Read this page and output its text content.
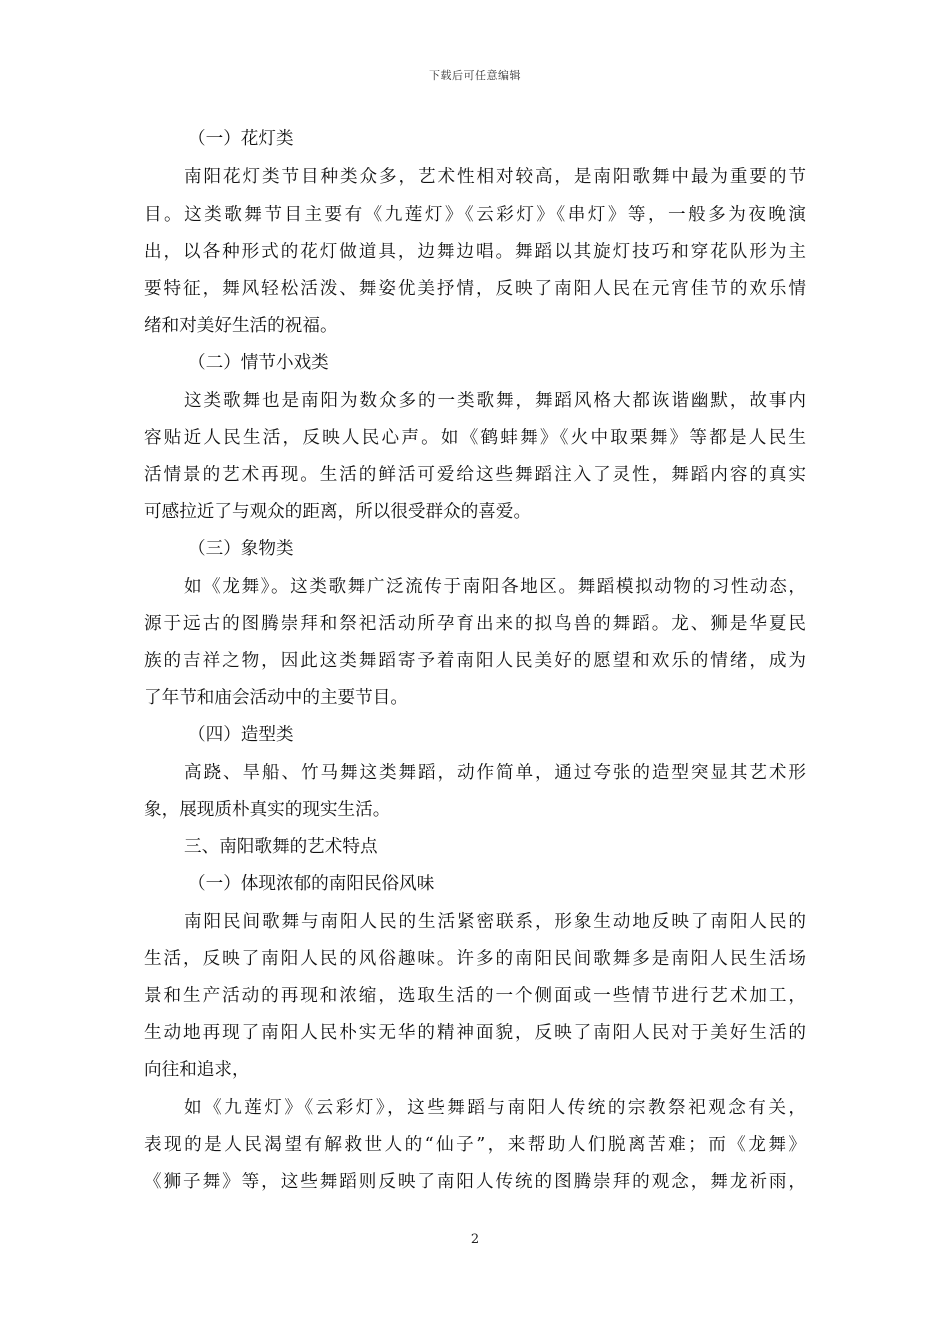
下载后可任意编辑
（一）花灯类
南阳花灯类节目种类众多，艺术性相对较高，是南阳歌舞中最为重要的节
目。这类歌舞节目主要有《九莲灯》《云彩灯》《串灯》等，一般多为夜晚演
出，以各种形式的花灯做道具，边舞边唱。舞蹈以其旋灯技巧和穿花队形为主
要特征，舞风轻松活泼、舞姿优美抒情，反映了南阳人民在元宵佳节的欢乐情
绪和对美好生活的祝福。
（二）情节小戏类
这类歌舞也是南阳为数众多的一类歌舞，舞蹈风格大都诙谐幽默，故事内
容贴近人民生活，反映人民心声。如《鹤蚌舞》《火中取栗舞》等都是人民生
活情景的艺术再现。生活的鲜活可爱给这些舞蹈注入了灵性，舞蹈内容的真实
可感拉近了与观众的距离，所以很受群众的喜爱。
（三）象物类
如《龙舞》。这类歌舞广泛流传于南阳各地区。舞蹈模拟动物的习性动态，
源于远古的图腾崇拜和祭祀活动所孕育出来的拟鸟兽的舞蹈。龙、狮是华夏民
族的吉祥之物，因此这类舞蹈寄予着南阳人民美好的愿望和欢乐的情绪，成为
了年节和庙会活动中的主要节目。
（四）造型类
高跷、旱船、竹马舞这类舞蹈，动作简单，通过夸张的造型突显其艺术形
象，展现质朴真实的现实生活。
三、南阳歌舞的艺术特点
（一）体现浓郁的南阳民俗风味
南阳民间歌舞与南阳人民的生活紧密联系，形象生动地反映了南阳人民的
生活，反映了南阳人民的风俗趣味。许多的南阳民间歌舞多是南阳人民生活场
景和生产活动的再现和浓缩，选取生活的一个侧面或一些情节进行艺术加工，
生动地再现了南阳人民朴实无华的精神面貌，反映了南阳人民对于美好生活的
向往和追求，
如《九莲灯》《云彩灯》，这些舞蹈与南阳人传统的宗教祭祀观念有关，
表现的是人民渴望有解救世人的“仙子”，来帮助人们脱离苦难；而《龙舞》
《狮子舞》等，这些舞蹈则反映了南阳人传统的图腾崇拜的观念，舞龙祈雨，
2
